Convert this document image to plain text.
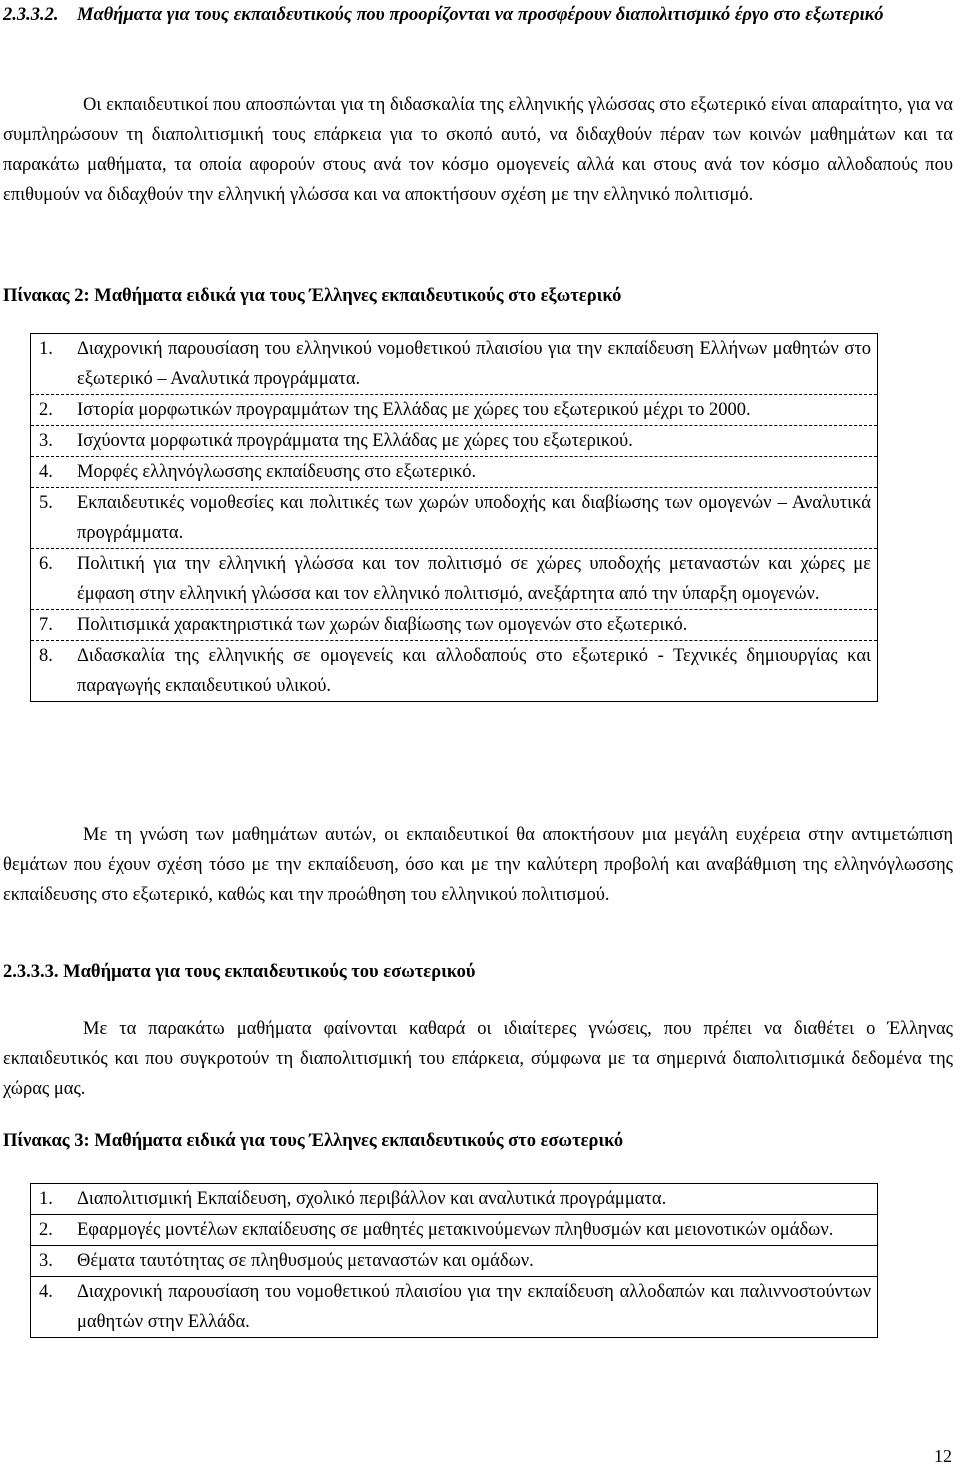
2.3.3.2. Μαθήματα για τους εκπαιδευτικούς που προορίζονται να προσφέρουν διαπολιτισμικό έργο στο εξωτερικό

Οι εκπαιδευτικοί που αποσπώνται για τη διδασκαλία της ελληνικής γλώσσας στο εξωτερικό είναι απαραίτητο, για να συμπληρώσουν τη διαπολιτισμική τους επάρκεια για το σκοπό αυτό, να διδαχθούν πέραν των κοινών μαθημάτων και τα παρακάτω μαθήματα, τα οποία αφορούν στους ανά τον κόσμο ομογενείς αλλά και στους ανά τον κόσμο αλλοδαπούς που επιθυμούν να διδαχθούν την ελληνική γλώσσα και να αποκτήσουν σχέση με την ελληνικό πολιτισμό.

Πίνακας 2: Μαθήματα ειδικά για τους Έλληνες εκπαιδευτικούς στο εξωτερικό

1.	Διαχρονική παρουσίαση του ελληνικού νομοθετικού πλαισίου για την εκπαίδευση Ελλήνων μαθητών στο εξωτερικό – Αναλυτικά προγράμματα.
2.	Ιστορία μορφωτικών προγραμμάτων της Ελλάδας με χώρες του εξωτερικού μέχρι το 2000.
3.	Ισχύοντα μορφωτικά προγράμματα της Ελλάδας με χώρες του εξωτερικού.
4.	Μορφές ελληνόγλωσσης εκπαίδευσης στο εξωτερικό.
5.	Εκπαιδευτικές νομοθεσίες και πολιτικές των χωρών υποδοχής και διαβίωσης των ομογενών – Αναλυτικά προγράμματα.
6.	Πολιτική για την ελληνική γλώσσα και τον πολιτισμό σε χώρες υποδοχής μεταναστών και χώρες με έμφαση στην ελληνική γλώσσα και τον ελληνικό πολιτισμό, ανεξάρτητα από την ύπαρξη ομογενών.
7.	Πολιτισμικά χαρακτηριστικά των χωρών διαβίωσης των ομογενών στο εξωτερικό.
8.	Διδασκαλία της ελληνικής σε ομογενείς και αλλοδαπούς στο εξωτερικό - Τεχνικές δημιουργίας και παραγωγής εκπαιδευτικού υλικού.

Με τη γνώση των μαθημάτων αυτών, οι εκπαιδευτικοί θα αποκτήσουν μια μεγάλη ευχέρεια στην αντιμετώπιση θεμάτων που έχουν σχέση τόσο με την εκπαίδευση, όσο και με την καλύτερη προβολή και αναβάθμιση της ελληνόγλωσσης εκπαίδευσης στο εξωτερικό, καθώς και την προώθηση του ελληνικού πολιτισμού.

2.3.3.3. Μαθήματα για τους εκπαιδευτικούς του εσωτερικού

Με τα παρακάτω μαθήματα φαίνονται καθαρά οι ιδιαίτερες γνώσεις, που πρέπει να διαθέτει ο Έλληνας εκπαιδευτικός και που συγκροτούν τη διαπολιτισμική του επάρκεια, σύμφωνα με τα σημερινά διαπολιτισμικά δεδομένα της χώρας μας.

Πίνακας 3: Μαθήματα ειδικά για τους Έλληνες εκπαιδευτικούς στο εσωτερικό

1.	Διαπολιτισμική Εκπαίδευση, σχολικό περιβάλλον και αναλυτικά προγράμματα.
2.	Εφαρμογές μοντέλων εκπαίδευσης σε μαθητές μετακινούμενων πληθυσμών και μειονοτικών ομάδων.
3.	Θέματα ταυτότητας σε πληθυσμούς μεταναστών και ομάδων.
4.	Διαχρονική παρουσίαση του νομοθετικού πλαισίου για την εκπαίδευση αλλοδαπών και παλιννοστούντων μαθητών στην Ελλάδα.

12
